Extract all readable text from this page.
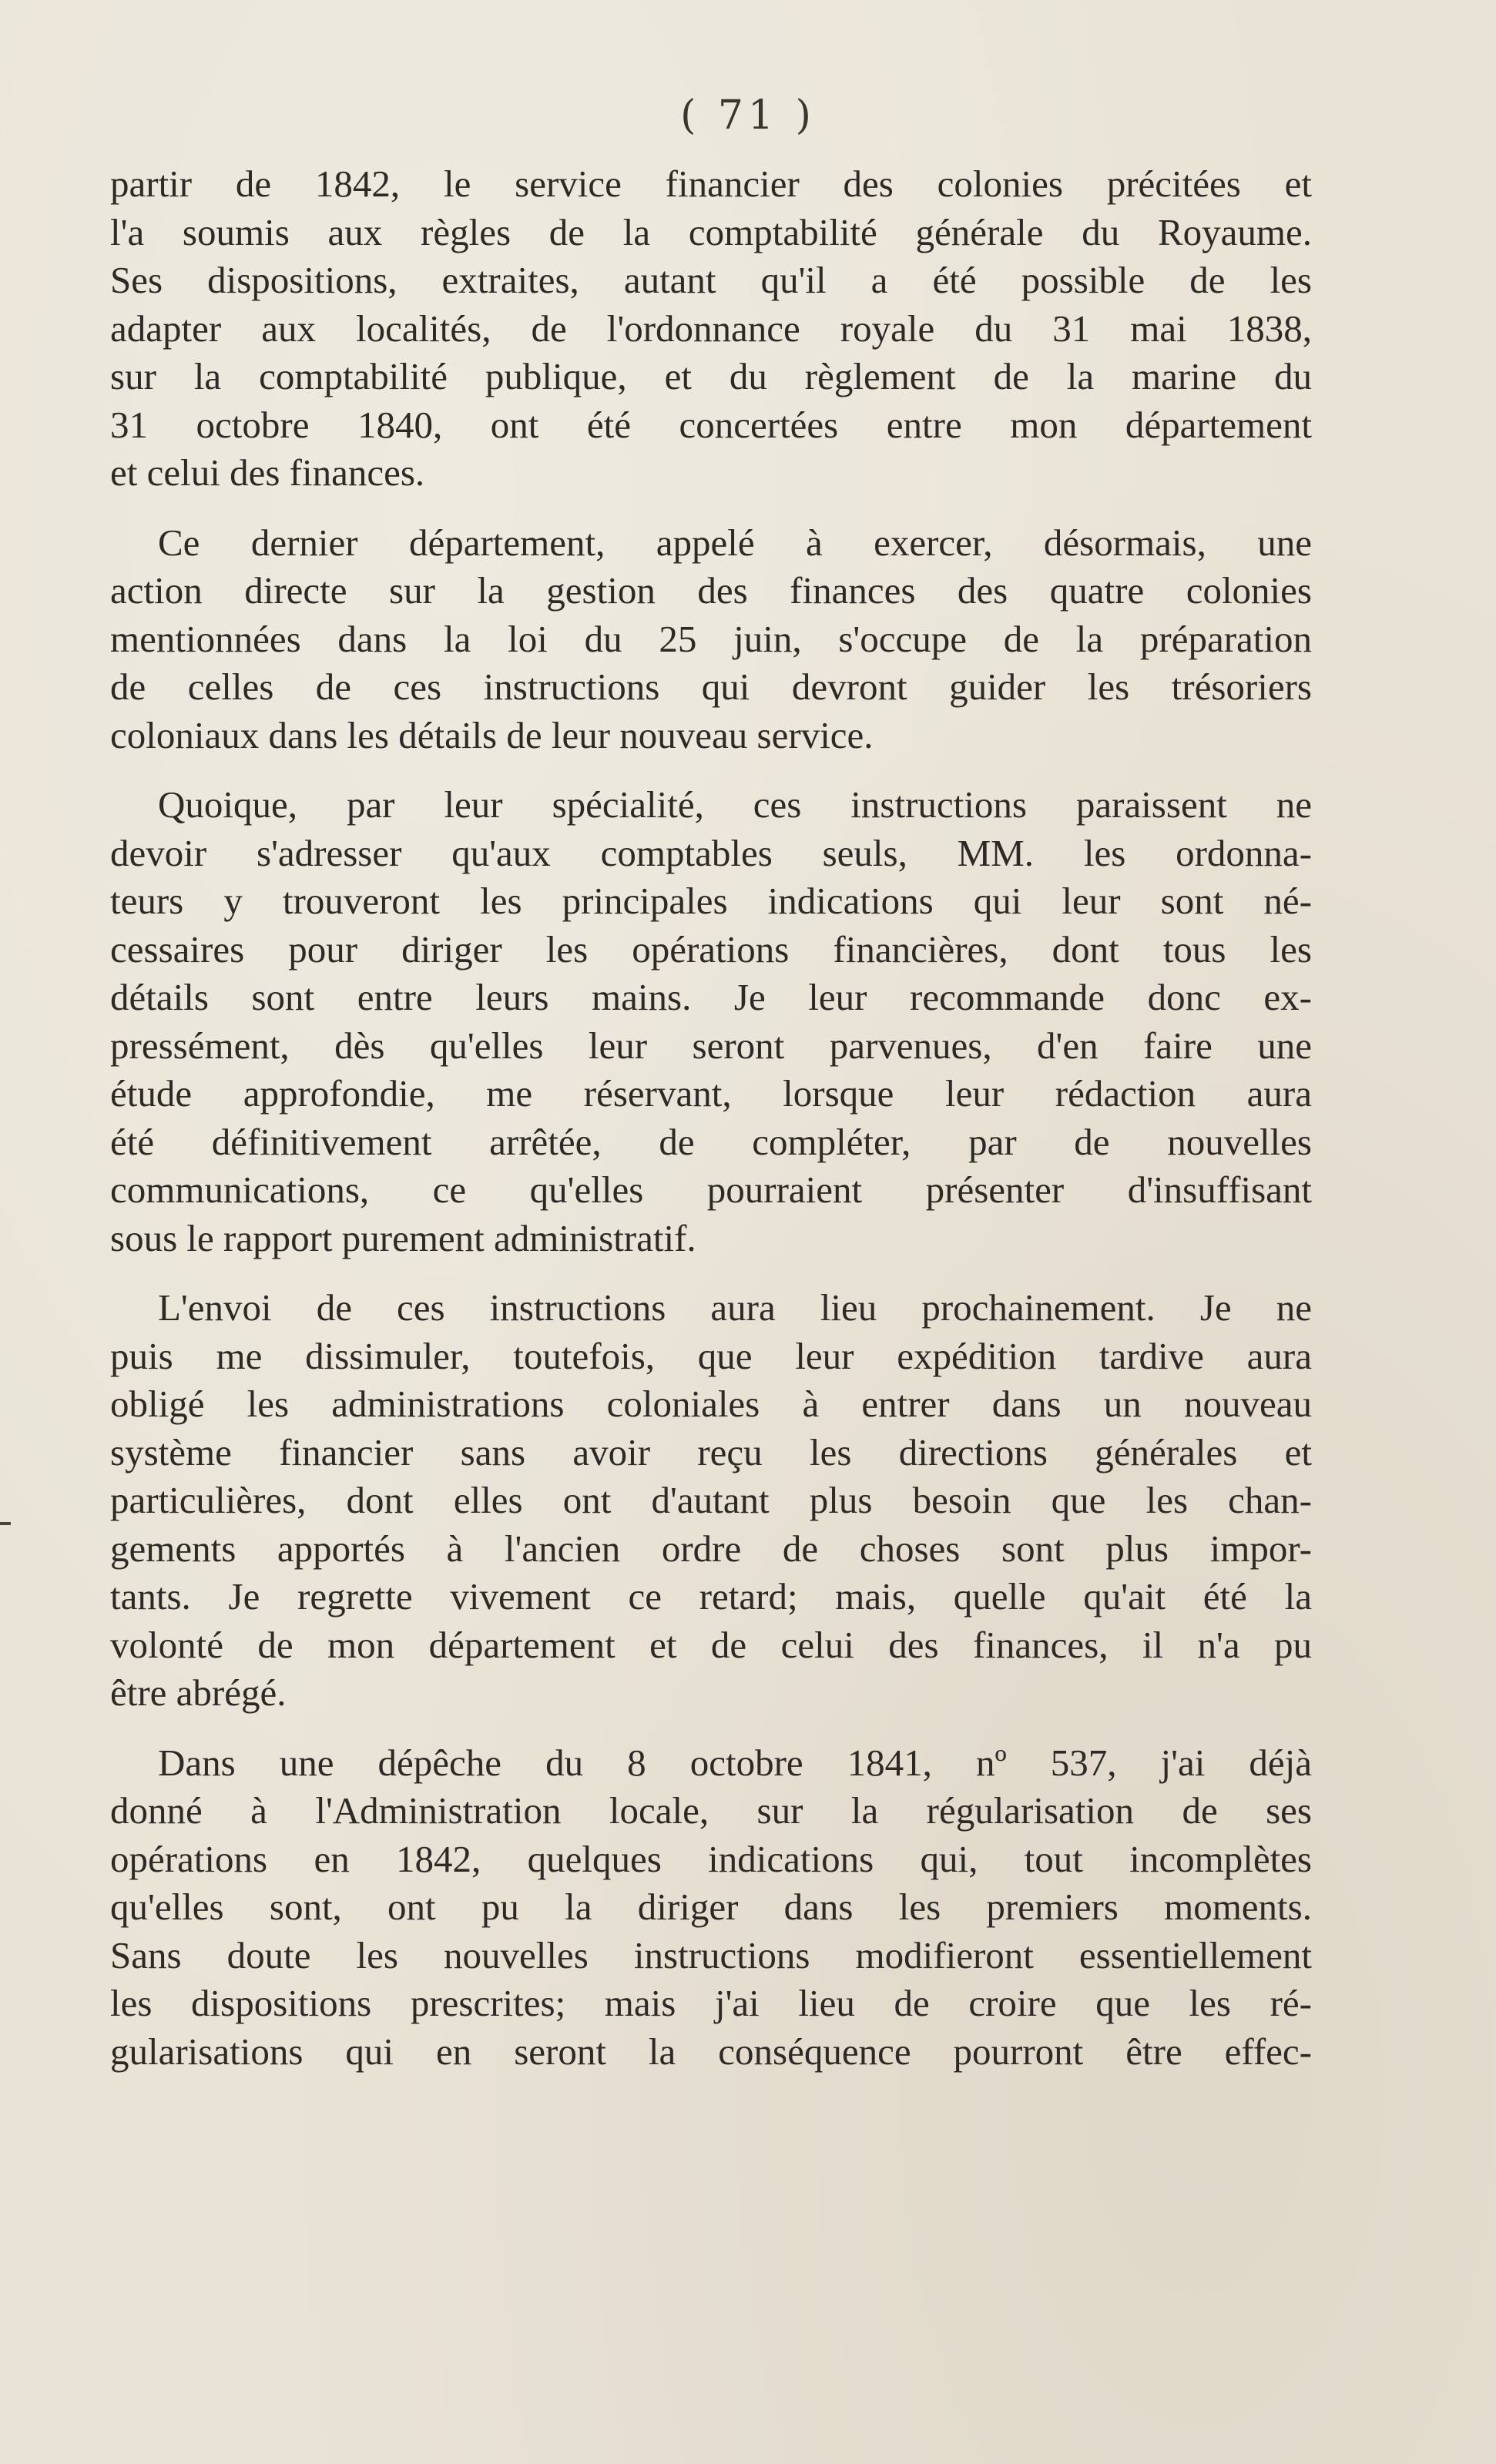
( 71 )
partir de 1842, le service financier des colonies précitées et
l'a soumis aux règles de la comptabilité générale du Royaume.
Ses dispositions, extraites, autant qu'il a été possible de les
adapter aux localités, de l'ordonnance royale du 31 mai 1838,
sur la comptabilité publique, et du règlement de la marine du
31 octobre 1840, ont été concertées entre mon département
et celui des finances.
Ce dernier département, appelé à exercer, désormais, une
action directe sur la gestion des finances des quatre colonies
mentionnées dans la loi du 25 juin, s'occupe de la préparation
de celles de ces instructions qui devront guider les trésoriers
coloniaux dans les détails de leur nouveau service.
Quoique, par leur spécialité, ces instructions paraissent ne
devoir s'adresser qu'aux comptables seuls, MM. les ordonna-
teurs y trouveront les principales indications qui leur sont né-
cessaires pour diriger les opérations financières, dont tous les
détails sont entre leurs mains. Je leur recommande donc ex-
pressément, dès qu'elles leur seront parvenues, d'en faire une
étude approfondie, me réservant, lorsque leur rédaction aura
été définitivement arrêtée, de compléter, par de nouvelles
communications, ce qu'elles pourraient présenter d'insuffisant
sous le rapport purement administratif.
L'envoi de ces instructions aura lieu prochainement. Je ne
puis me dissimuler, toutefois, que leur expédition tardive aura
obligé les administrations coloniales à entrer dans un nouveau
système financier sans avoir reçu les directions générales et
particulières, dont elles ont d'autant plus besoin que les chan-
gements apportés à l'ancien ordre de choses sont plus impor-
tants. Je regrette vivement ce retard; mais, quelle qu'ait été la
volonté de mon département et de celui des finances, il n'a pu
être abrégé.
Dans une dépêche du 8 octobre 1841, nº 537, j'ai déjà
donné à l'Administration locale, sur la régularisation de ses
opérations en 1842, quelques indications qui, tout incomplètes
qu'elles sont, ont pu la diriger dans les premiers moments.
Sans doute les nouvelles instructions modifieront essentiellement
les dispositions prescrites; mais j'ai lieu de croire que les ré-
gularisations qui en seront la conséquence pourront être effec-
